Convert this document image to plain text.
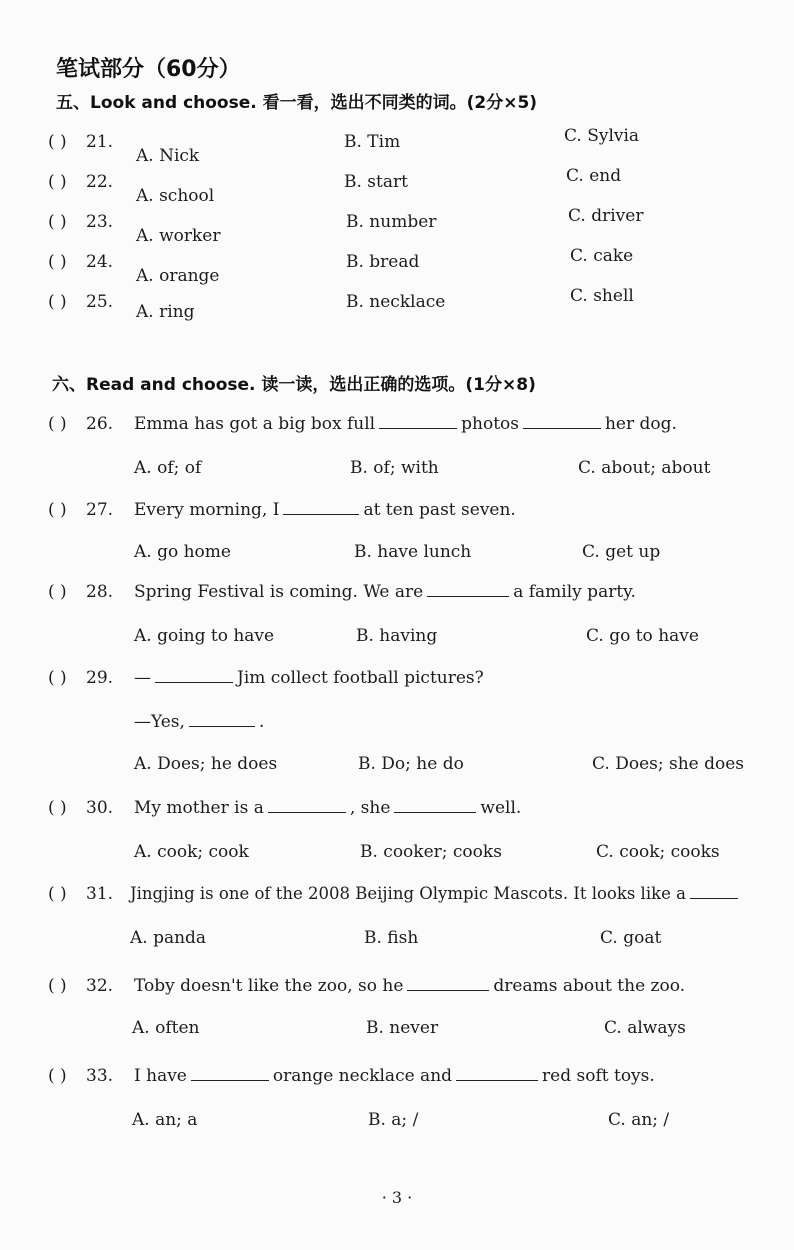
笔试部分（60分）
五、Look and choose. 看一看，选出不同类的词。(2分×5)
( ) 21.
A. Nick
B. Tim	C. Sylvia
( ) 22.
A. school
B. start	C. end
( ) 23.
A. worker
B. number	C. driver
( ) 24.
A. orange
B. bread	C. cake
( ) 25. A. ring	B. necklace	C. shell
六、Read and choose. 读一读，选出正确的选项。(1分×8)
( ) 26. Emma has got a big box full	photos	her dog.
A. of; of	B. of; with	C. about; about
( ) 27. Every morning, I	at ten past seven.
A. go home	B. have lunch	C. get up
( ) 28. Spring Festival is coming. We are	a family party.
A. going to have	B. having	C. go to have
( ) 29. —	Jim collect football pictures?
—Yes,	.
A. Does; he does	B. Do; he do	C. Does; she does
( ) 30. My mother is a	, she	well.
A. cook; cook	B. cooker; cooks	C. cook; cooks
( ) 31. Jingjing is one of the 2008 Beijing Olympic Mascots. It looks like a
A. panda	B. fish	C. goat
( ) 32. Toby doesn't like the zoo, so he	dreams about the zoo.
A. often	B. never	C. always
( ) 33. I have	orange necklace and	red soft toys.
A. an; a	B. a; /	C. an; /
· 3 ·
